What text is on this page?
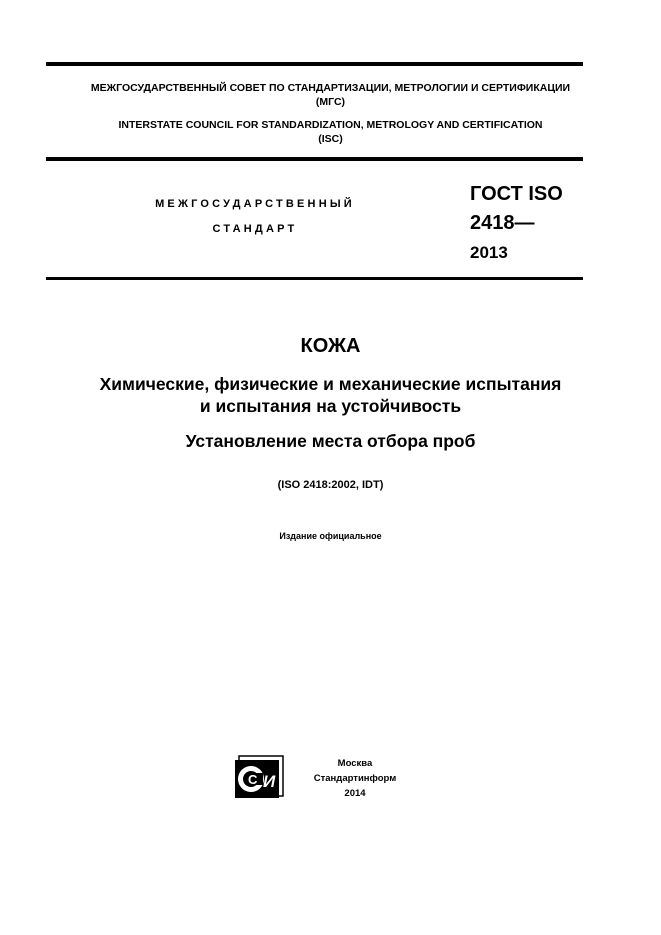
МЕЖГОСУДАРСТВЕННЫЙ СОВЕТ ПО СТАНДАРТИЗАЦИИ, МЕТРОЛОГИИ И СЕРТИФИКАЦИИ
(МГС)
INTERSTATE COUNCIL FOR STANDARDIZATION, METROLOGY AND CERTIFICATION
(ISC)
МЕЖГОСУДАРСТВЕННЫЙ
СТАНДАРТ
ГОСТ ISO
2418—
2013
КОЖА
Химические, физические и механические испытания
и испытания на устойчивость
Установление места отбора проб
(ISO 2418:2002, IDT)
Издание официальное
С И
Москва
Стандартинформ
2014
